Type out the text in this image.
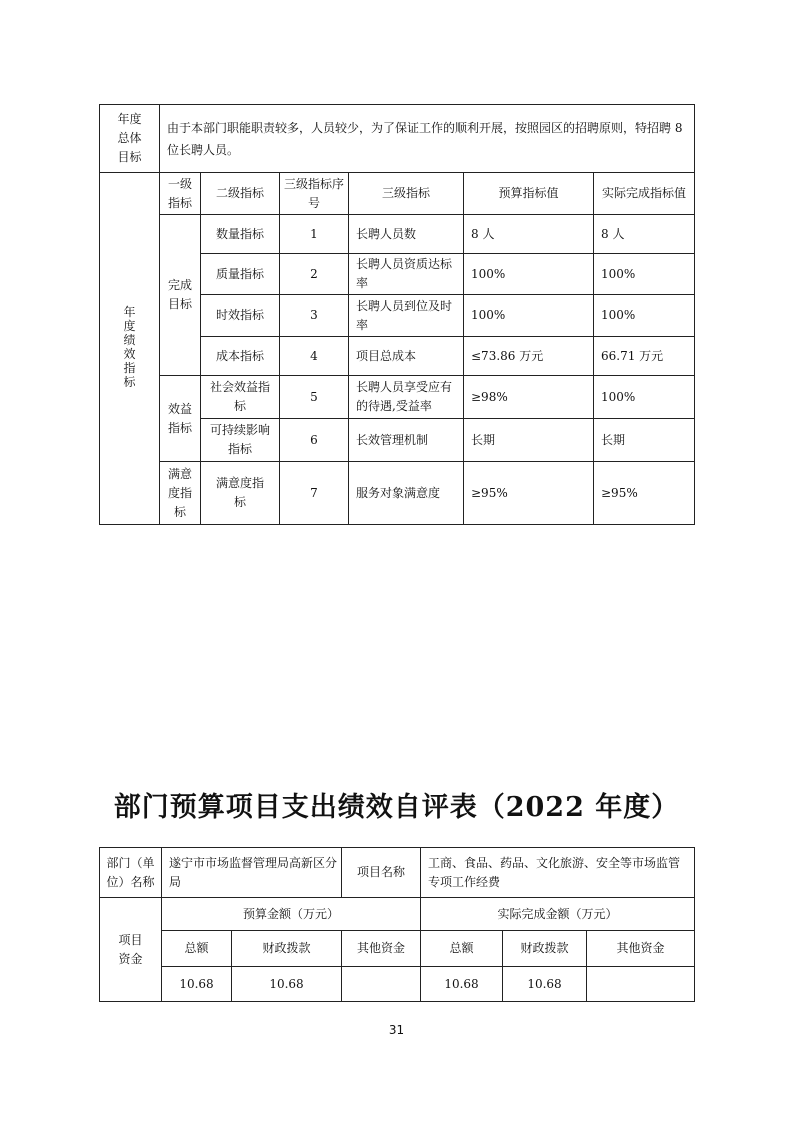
年度
总体
目标	由于本部门职能职责较多，人员较少，为了保证工作的顺利开展，按照园区的招聘原则，特招聘 8 位长聘人员。					
年度绩效指标	一级指标	二级指标	三级指标序号	三级指标	预算指标值	实际完成指标值
	完成目标	数量指标	1	长聘人员数	8 人	8 人
		质量指标	2	长聘人员资质达标率	100%	100%
		时效指标	3	长聘人员到位及时率	100%	100%
		成本指标	4	项目总成本	≤73.86 万元	66.71 万元
	效益指标	社会效益指标	5	长聘人员享受应有的待遇,受益率	≥98%	100%
		可持续影响指标	6	长效管理机制	长期	长期
	满意度指标	满意度指标	7	服务对象满意度	≥95%	≥95%
部门预算项目支出绩效自评表（2022 年度）
部门（单
位）名称	遂宁市市场监督管理局高新区分局		项目名称	工商、食品、药品、文化旅游、安全等市场监管专项工作经费		

项目
资金	预算金额（万元）			实际完成金额（万元）		
	总额	财政拨款	其他资金	总额	财政拨款	其他资金
	10.68	10.68		10.68	10.68	
31
